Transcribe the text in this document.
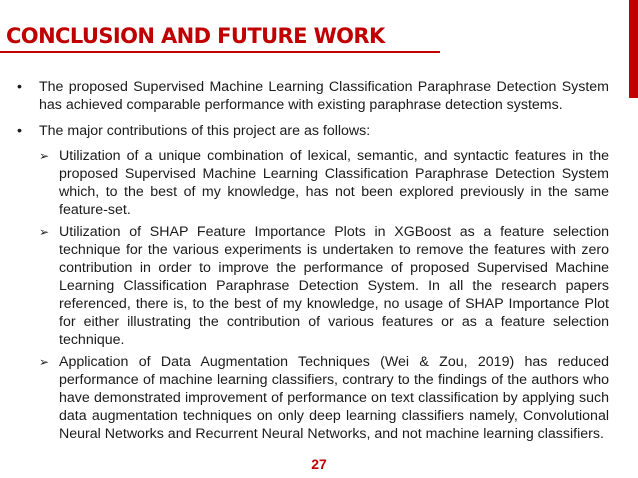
CONCLUSION AND FUTURE WORK
•	The proposed Supervised Machine Learning Classification Paraphrase Detection System has achieved comparable performance with existing paraphrase detection systems.
•	The major contributions of this project are as follows:
➢ Utilization of a unique combination of lexical, semantic, and syntactic features in the proposed Supervised Machine Learning Classification Paraphrase Detection System which, to the best of my knowledge, has not been explored previously in the same feature-set.
➢ Utilization of SHAP Feature Importance Plots in XGBoost as a feature selection technique for the various experiments is undertaken to remove the features with zero contribution in order to improve the performance of proposed Supervised Machine Learning Classification Paraphrase Detection System. In all the research papers referenced, there is, to the best of my knowledge, no usage of SHAP Importance Plot for either illustrating the contribution of various features or as a feature selection technique.
➢ Application of Data Augmentation Techniques (Wei & Zou, 2019) has reduced performance of machine learning classifiers, contrary to the findings of the authors who have demonstrated improvement of performance on text classification by applying such data augmentation techniques on only deep learning classifiers namely, Convolutional Neural Networks and Recurrent Neural Networks, and not machine learning classifiers.
27
